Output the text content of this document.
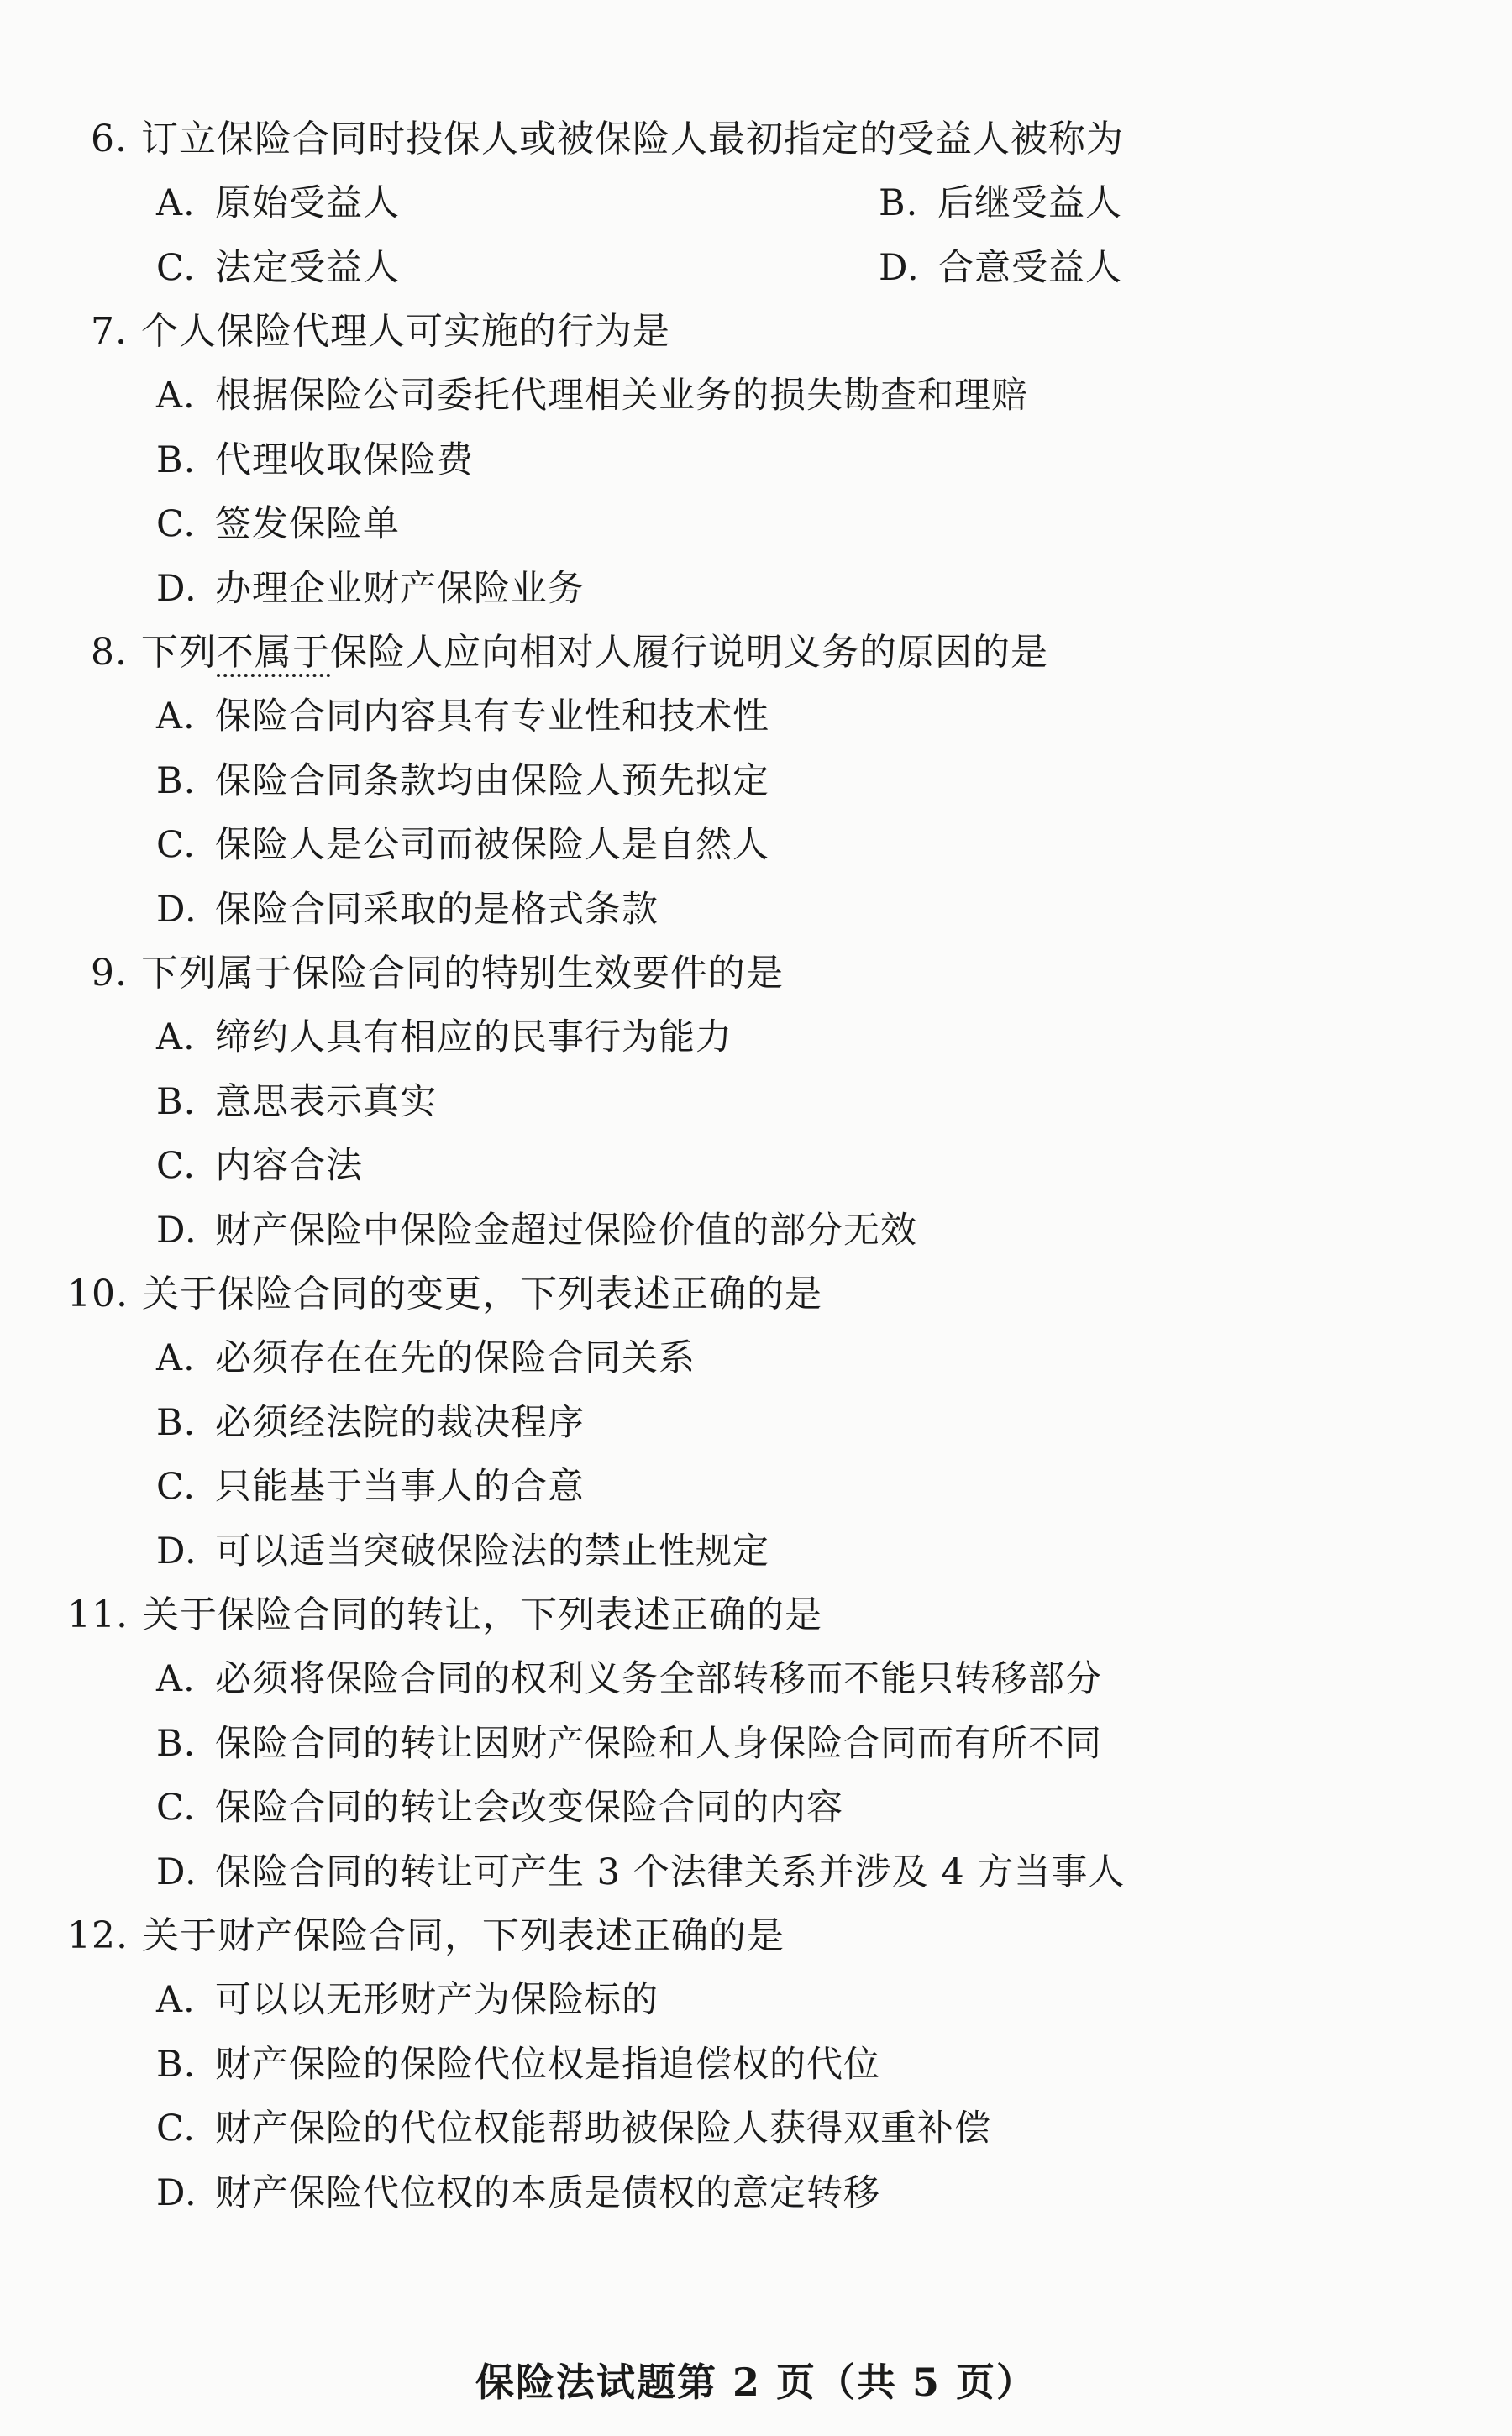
6. 订立保险合同时投保人或被保险人最初指定的受益人被称为
A. 原始受益人	B. 后继受益人
C. 法定受益人	D. 合意受益人
7. 个人保险代理人可实施的行为是
A. 根据保险公司委托代理相关业务的损失勘查和理赔
B. 代理收取保险费
C. 签发保险单
D. 办理企业财产保险业务
8. 下列不属于保险人应向相对人履行说明义务的原因的是
A. 保险合同内容具有专业性和技术性
B. 保险合同条款均由保险人预先拟定
C. 保险人是公司而被保险人是自然人
D. 保险合同采取的是格式条款
9. 下列属于保险合同的特别生效要件的是
A. 缔约人具有相应的民事行为能力
B. 意思表示真实
C. 内容合法
D. 财产保险中保险金超过保险价值的部分无效
10. 关于保险合同的变更，下列表述正确的是
A. 必须存在在先的保险合同关系
B. 必须经法院的裁决程序
C. 只能基于当事人的合意
D. 可以适当突破保险法的禁止性规定
11. 关于保险合同的转让，下列表述正确的是
A. 必须将保险合同的权利义务全部转移而不能只转移部分
B. 保险合同的转让因财产保险和人身保险合同而有所不同
C. 保险合同的转让会改变保险合同的内容
D. 保险合同的转让可产生 3 个法律关系并涉及 4 方当事人
12. 关于财产保险合同，下列表述正确的是
A. 可以以无形财产为保险标的
B. 财产保险的保险代位权是指追偿权的代位
C. 财产保险的代位权能帮助被保险人获得双重补偿
D. 财产保险代位权的本质是债权的意定转移
保险法试题第 2 页（共 5 页）
